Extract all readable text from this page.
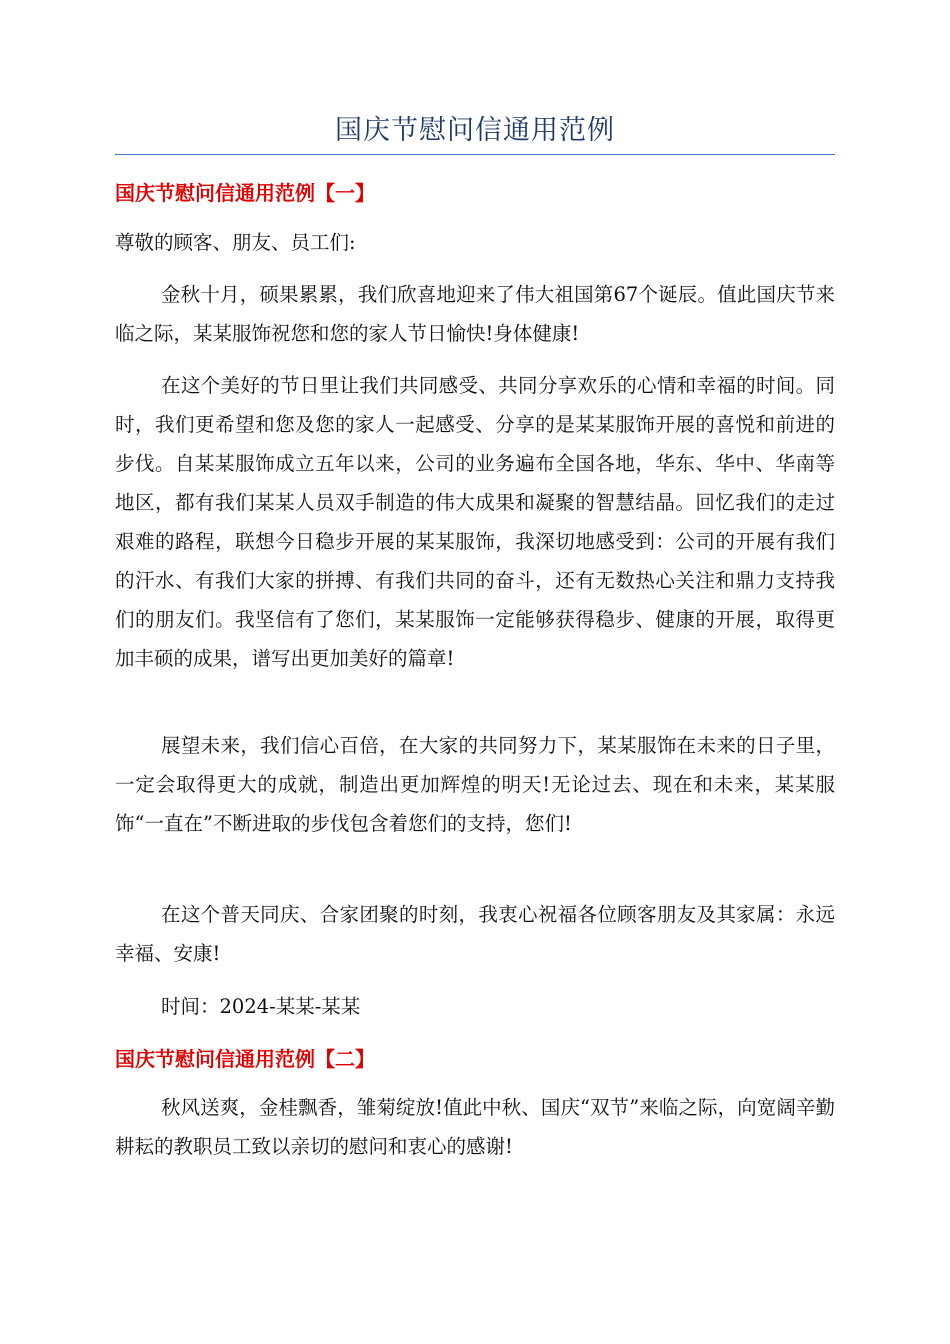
国庆节慰问信通用范例
国庆节慰问信通用范例【一】

尊敬的顾客、朋友、员工们:

金秋十月，硕果累累，我们欣喜地迎来了伟大祖国第67个诞辰。值此国庆节来临之际，某某服饰祝您和您的家人节日愉快!身体健康!

在这个美好的节日里让我们共同感受、共同分享欢乐的心情和幸福的时间。同时，我们更希望和您及您的家人一起感受、分享的是某某服饰开展的喜悦和前进的步伐。自某某服饰成立五年以来，公司的业务遍布全国各地，华东、华中、华南等地区，都有我们某某人员双手制造的伟大成果和凝聚的智慧结晶。回忆我们的走过艰难的路程，联想今日稳步开展的某某服饰，我深切地感受到：公司的开展有我们的汗水、有我们大家的拼搏、有我们共同的奋斗，还有无数热心关注和鼎力支持我们的朋友们。我坚信有了您们，某某服饰一定能够获得稳步、健康的开展，取得更加丰硕的成果，谱写出更加美好的篇章!

展望未来，我们信心百倍，在大家的共同努力下，某某服饰在未来的日子里，一定会取得更大的成就，制造出更加辉煌的明天!无论过去、现在和未来，某某服饰“一直在”不断进取的步伐包含着您们的支持，您们!

在这个普天同庆、合家团聚的时刻，我衷心祝福各位顾客朋友及其家属：永远幸福、安康!

时间：2024-某某-某某

国庆节慰问信通用范例【二】

秋风送爽，金桂飘香，雏菊绽放!值此中秋、国庆“双节”来临之际，向宽阔辛勤耕耘的教职员工致以亲切的慰问和衷心的感谢!
